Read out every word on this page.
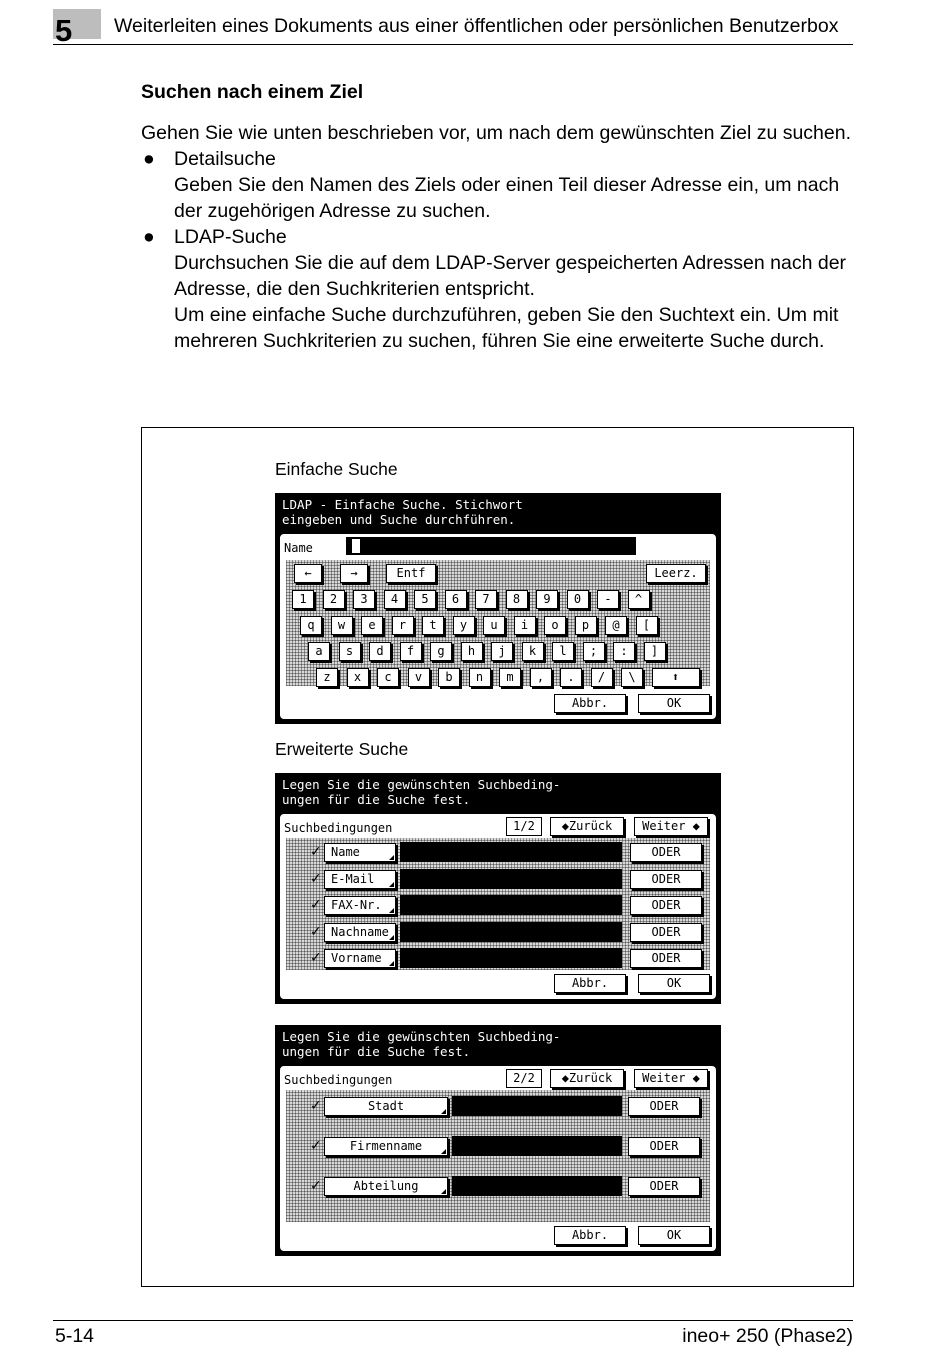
5 Weiterleiten eines Dokuments aus einer öffentlichen oder persönlichen Benutzerbox
Suchen nach einem Ziel

Gehen Sie wie unten beschrieben vor, um nach dem gewünschten Ziel zu suchen.

● Detailsuche

Geben Sie den Namen des Ziels oder einen Teil dieser Adresse ein, um nach der zugehörigen Adresse zu suchen.

● LDAP-Suche

Durchsuchen Sie die auf dem LDAP-Server gespeicherten Adressen nach der Adresse, die den Suchkriterien entspricht.

Um eine einfache Suche durchzuführen, geben Sie den Suchtext ein. Um mit mehreren Suchkriterien zu suchen, führen Sie eine erweiterte Suche durch.

Einfache Suche
LDAP - Einfache Suche. Stichwort
eingeben und Suche durchführen.
Name
←	→	Entf	Leerz.
1	2	3	4	5	6	7	8	9	0	-	^
q	w	e	r	t	y	u	i	o	p	@	[
a	s	d	f	g	h	j	k	l	;	:	]
z	x	c	v	b	n	m	,	.	/	\	⬆
Abbr.	OK
Erweiterte Suche
Legen Sie die gewünschten Suchbeding-
ungen für die Suche fest.
Suchbedingungen	1/2	◆Zurück	Weiter ◆
✓ Name	ODER
✓ E-Mail	ODER
✓ FAX-Nr.	ODER
✓ Nachname	ODER
✓ Vorname	ODER
Abbr.	OK
Legen Sie die gewünschten Suchbeding-
ungen für die Suche fest.
Suchbedingungen	2/2	◆Zurück	Weiter ◆
✓	Stadt	ODER
✓	Firmenname	ODER
✓	Abteilung	ODER
Abbr.	OK
5-14	ineo+ 250 (Phase2)
